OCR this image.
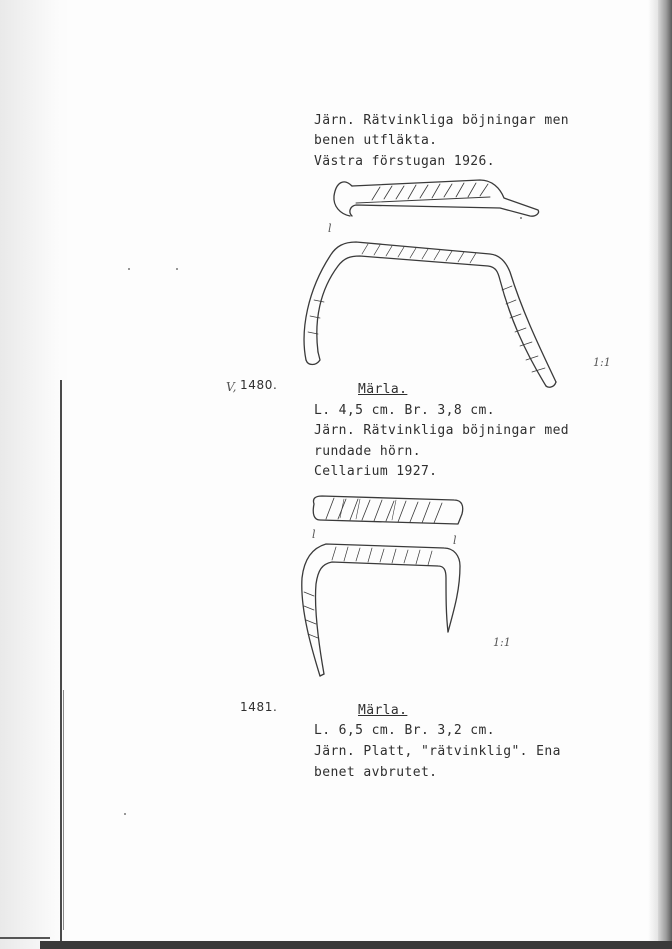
Järn. Rätvinkliga böjningar men
benen utfläkta.
Västra förstugan 1926.
l
1:1
V, 1480.	Märla.
L. 4,5 cm. Br. 3,8 cm.
Järn. Rätvinkliga böjningar med
rundade hörn.
Cellarium 1927.
l	l
1:1
1481.	Märla.
L. 6,5 cm. Br. 3,2 cm.
Järn. Platt, "rätvinklig". Ena
benet avbrutet.
